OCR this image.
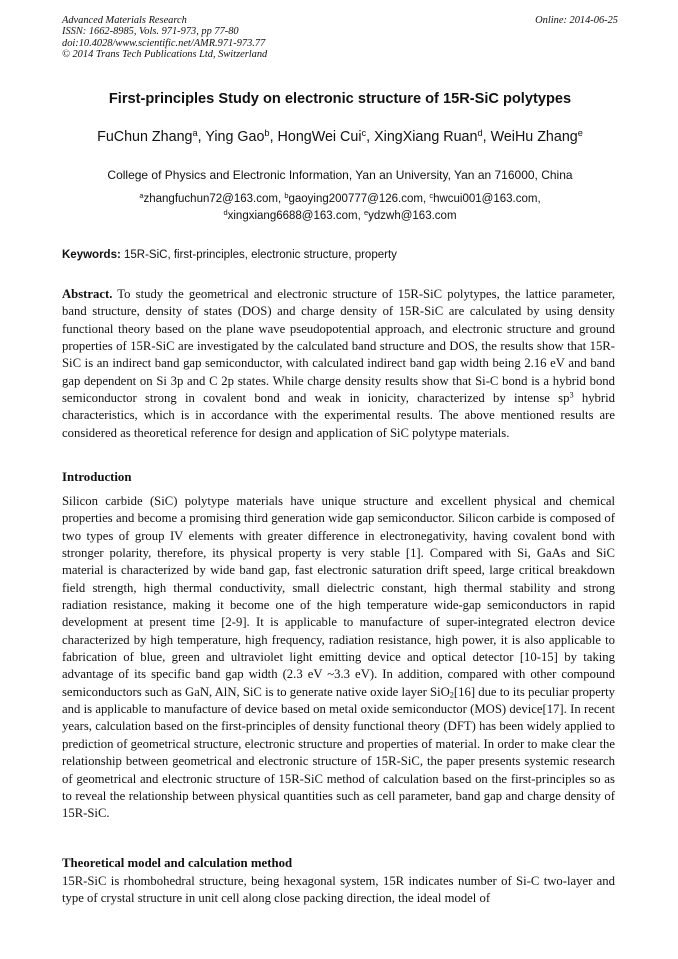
Advanced Materials Research
ISSN: 1662-8985, Vols. 971-973, pp 77-80
doi:10.4028/www.scientific.net/AMR.971-973.77
© 2014 Trans Tech Publications Ltd, Switzerland
Online: 2014-06-25
First-principles Study on electronic structure of 15R-SiC polytypes
FuChun Zhang$^a$, Ying Gao$^b$, HongWei Cui$^c$, XingXiang Ruan$^d$, WeiHu Zhang$^e$
College of Physics and Electronic Information, Yan an University, Yan an 716000, China
$^a$zhangfuchun72@163.com, $^b$gaoying200777@126.com, $^c$hwcui001@163.com,
$^d$xingxiang6688@163.com, $^e$ydzwh@163.com
Keywords: 15R-SiC, first-principles, electronic structure, property
Abstract. To study the geometrical and electronic structure of 15R-SiC polytypes, the lattice parameter, band structure, density of states (DOS) and charge density of 15R-SiC are calculated by using density functional theory based on the plane wave pseudopotential approach, and electronic structure and ground properties of 15R-SiC are investigated by the calculated band structure and DOS, the results show that 15R-SiC is an indirect band gap semiconductor, with calculated indirect band gap width being 2.16 eV and band gap dependent on Si 3p and C 2p states. While charge density results show that Si-C bond is a hybrid bond semiconductor strong in covalent bond and weak in ionicity, characterized by intense $sp^3$ hybrid characteristics, which is in accordance with the experimental results. The above mentioned results are considered as theoretical reference for design and application of SiC polytype materials.
Introduction
Silicon carbide (SiC) polytype materials have unique structure and excellent physical and chemical properties and become a promising third generation wide gap semiconductor. Silicon carbide is composed of two types of group IV elements with greater difference in electronegativity, having covalent bond with stronger polarity, therefore, its physical property is very stable [1]. Compared with Si, GaAs and SiC material is characterized by wide band gap, fast electronic saturation drift speed, large critical breakdown field strength, high thermal conductivity, small dielectric constant, high thermal stability and strong radiation resistance, making it become one of the high temperature wide-gap semiconductors in rapid development at present time [2-9]. It is applicable to manufacture of super-integrated electron device characterized by high temperature, high frequency, radiation resistance, high power, it is also applicable to fabrication of blue, green and ultraviolet light emitting device and optical detector [10-15] by taking advantage of its specific band gap width (2.3 eV ~3.3 eV). In addition, compared with other compound semiconductors such as GaN, AlN, SiC is to generate native oxide layer SiO$_2$[16] due to its peculiar property and is applicable to manufacture of device based on metal oxide semiconductor (MOS) device[17]. In recent years, calculation based on the first-principles of density functional theory (DFT) has been widely applied to prediction of geometrical structure, electronic structure and properties of material. In order to make clear the relationship between geometrical and electronic structure of 15R-SiC, the paper presents systemic research of geometrical and electronic structure of 15R-SiC method of calculation based on the first-principles so as to reveal the relationship between physical quantities such as cell parameter, band gap and charge density of 15R-SiC.
Theoretical model and calculation method
15R-SiC is rhombohedral structure, being hexagonal system, 15R indicates number of Si-C two-layer and type of crystal structure in unit cell along close packing direction, the ideal model of
